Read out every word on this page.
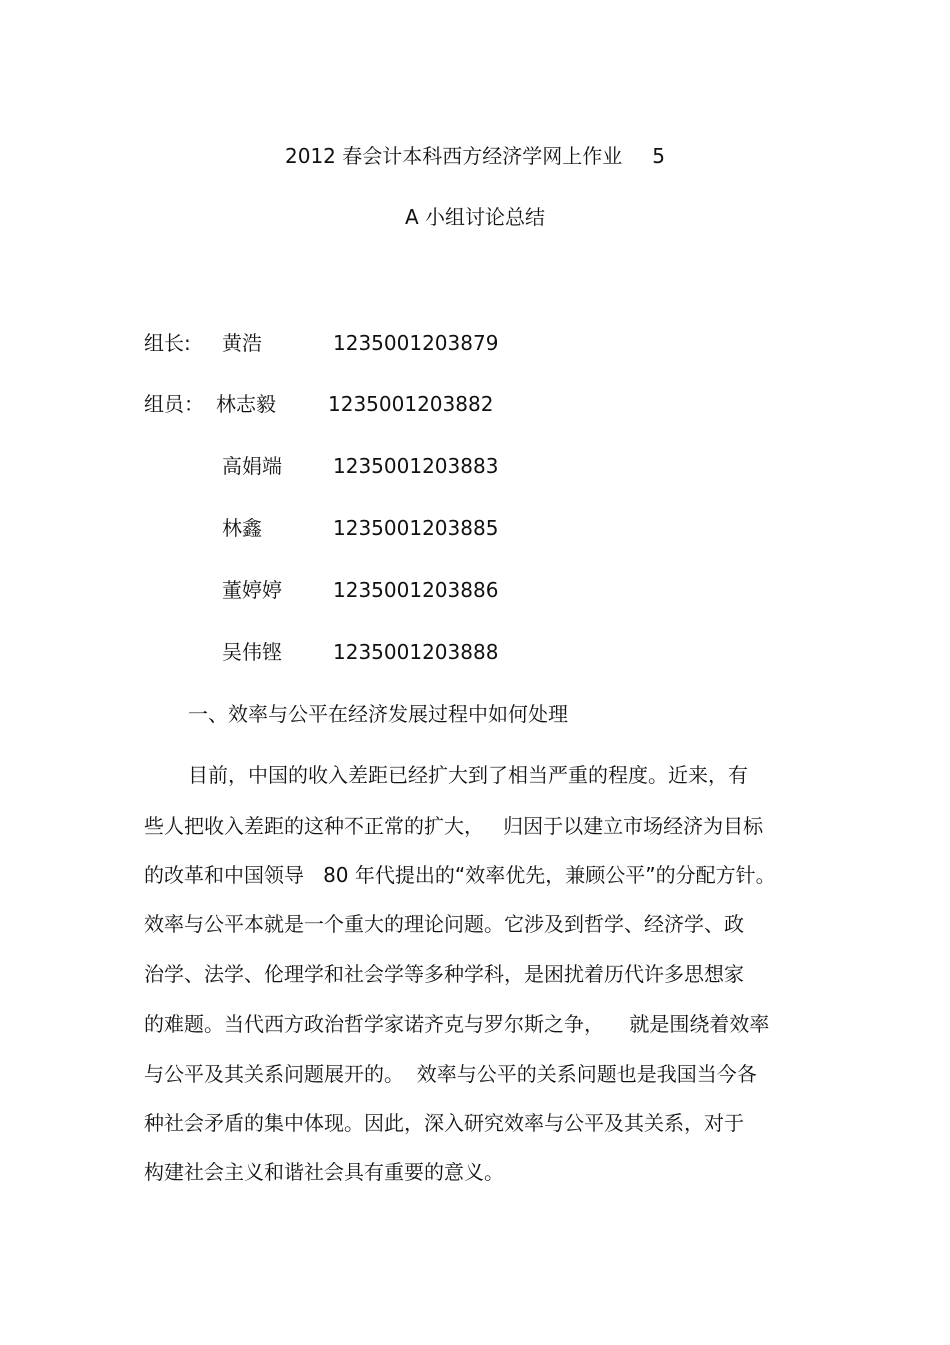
2012 春会计本科西方经济学网上作业 5
A 小组讨论总结
组长: 黄浩	1235001203879
组员： 林志毅	1235001203882
高娟端	1235001203883
林鑫	1235001203885
董婷婷	1235001203886
吴伟铿	1235001203888
一、效率与公平在经济发展过程中如何处理
目前，中国的收入差距已经扩大到了相当严重的程度。近来，有
些人把收入差距的这种不正常的扩大，   归因于以建立市场经济为目标
的改革和中国领导   80 年代提出的“效率优先，兼顾公平”的分配方针。
效率与公平本就是一个重大的理论问题。它涉及到哲学、经济学、政
治学、法学、伦理学和社会学等多种学科，是困扰着历代许多思想家
的难题。当代西方政治哲学家诺齐克与罗尔斯之争，    就是围绕着效率
与公平及其关系问题展开的。  效率与公平的关系问题也是我国当今各
种社会矛盾的集中体现。因此，深入研究效率与公平及其关系，对于
构建社会主义和谐社会具有重要的意义。
